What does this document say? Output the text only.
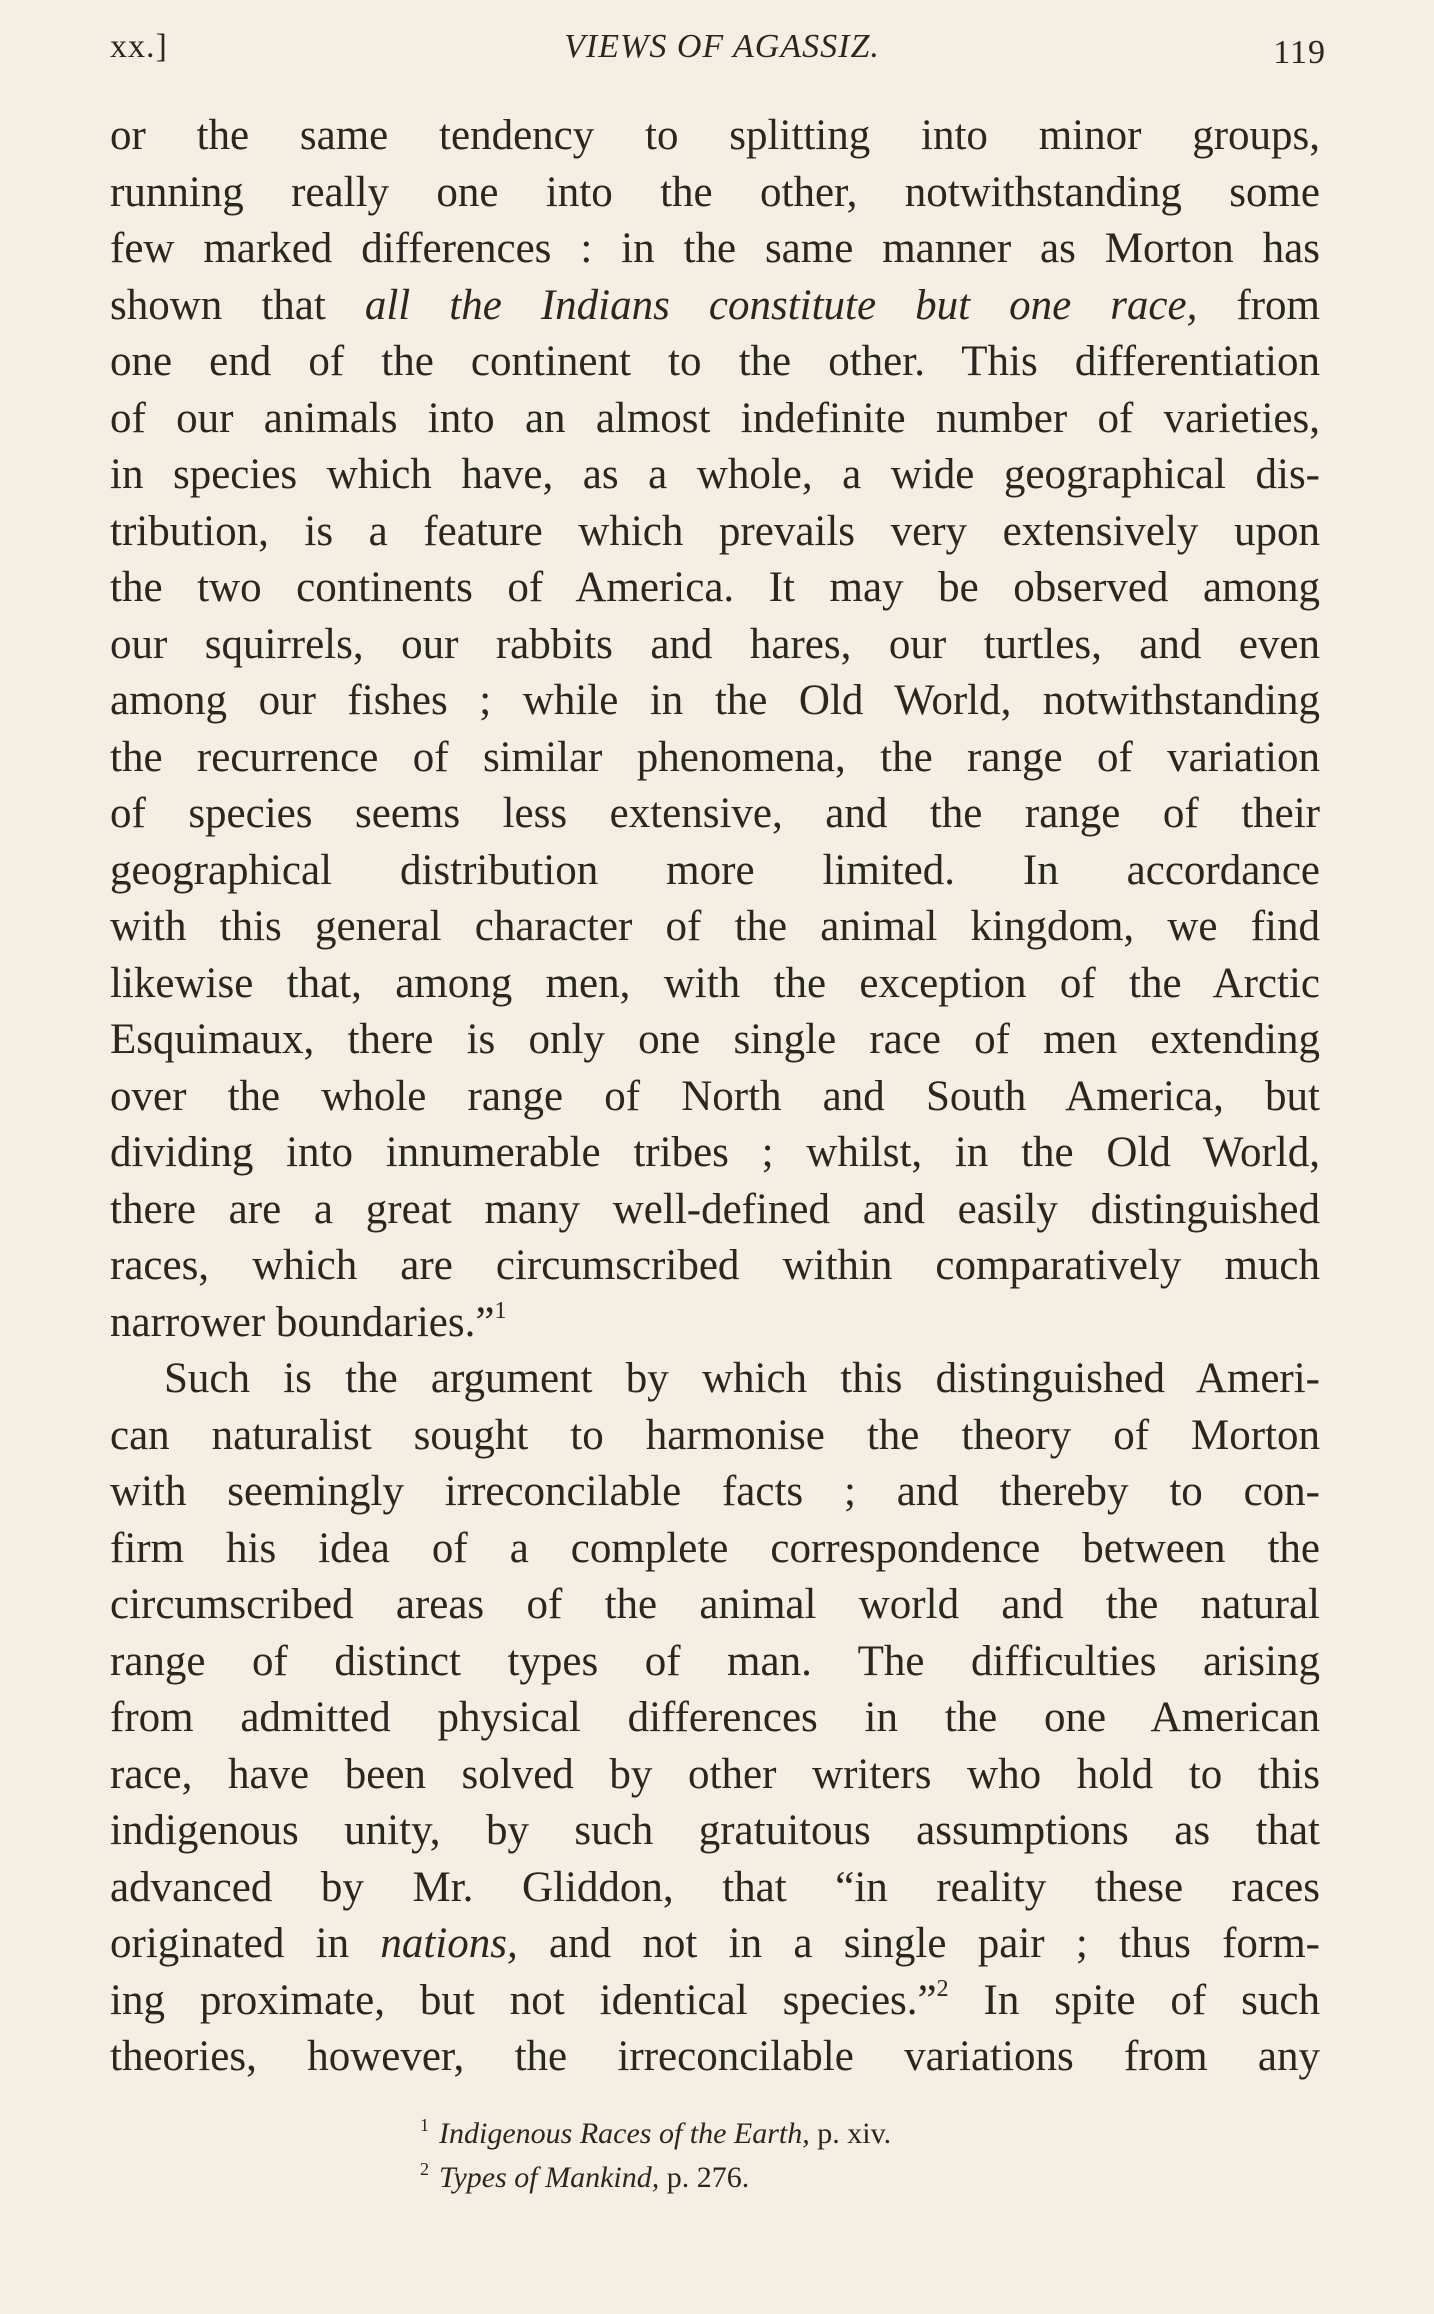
xx.]	VIEWS OF AGASSIZ.	119
or the same tendency to splitting into minor groups,
running really one into the other, notwithstanding some
few marked differences : in the same manner as Morton has
shown that all the Indians constitute but one race, from
one end of the continent to the other. This differentiation
of our animals into an almost indefinite number of varieties,
in species which have, as a whole, a wide geographical dis-
tribution, is a feature which prevails very extensively upon
the two continents of America. It may be observed among
our squirrels, our rabbits and hares, our turtles, and even
among our fishes ; while in the Old World, notwithstanding
the recurrence of similar phenomena, the range of variation
of species seems less extensive, and the range of their
geographical distribution more limited. In accordance
with this general character of the animal kingdom, we find
likewise that, among men, with the exception of the Arctic
Esquimaux, there is only one single race of men extending
over the whole range of North and South America, but
dividing into innumerable tribes ; whilst, in the Old World,
there are a great many well-defined and easily distinguished
races, which are circumscribed within comparatively much
narrower boundaries.”$^1$
Such is the argument by which this distinguished Ameri-
can naturalist sought to harmonise the theory of Morton
with seemingly irreconcilable facts ; and thereby to con-
firm his idea of a complete correspondence between the
circumscribed areas of the animal world and the natural
range of distinct types of man. The difficulties arising
from admitted physical differences in the one American
race, have been solved by other writers who hold to this
indigenous unity, by such gratuitous assumptions as that
advanced by Mr. Gliddon, that “in reality these races
originated in nations, and not in a single pair ; thus form-
ing proximate, but not identical species.”$^2$ In spite of such
theories, however, the irreconcilable variations from any
$^1$ Indigenous Races of the Earth, p. xiv.
$^2$ Types of Mankind, p. 276.
